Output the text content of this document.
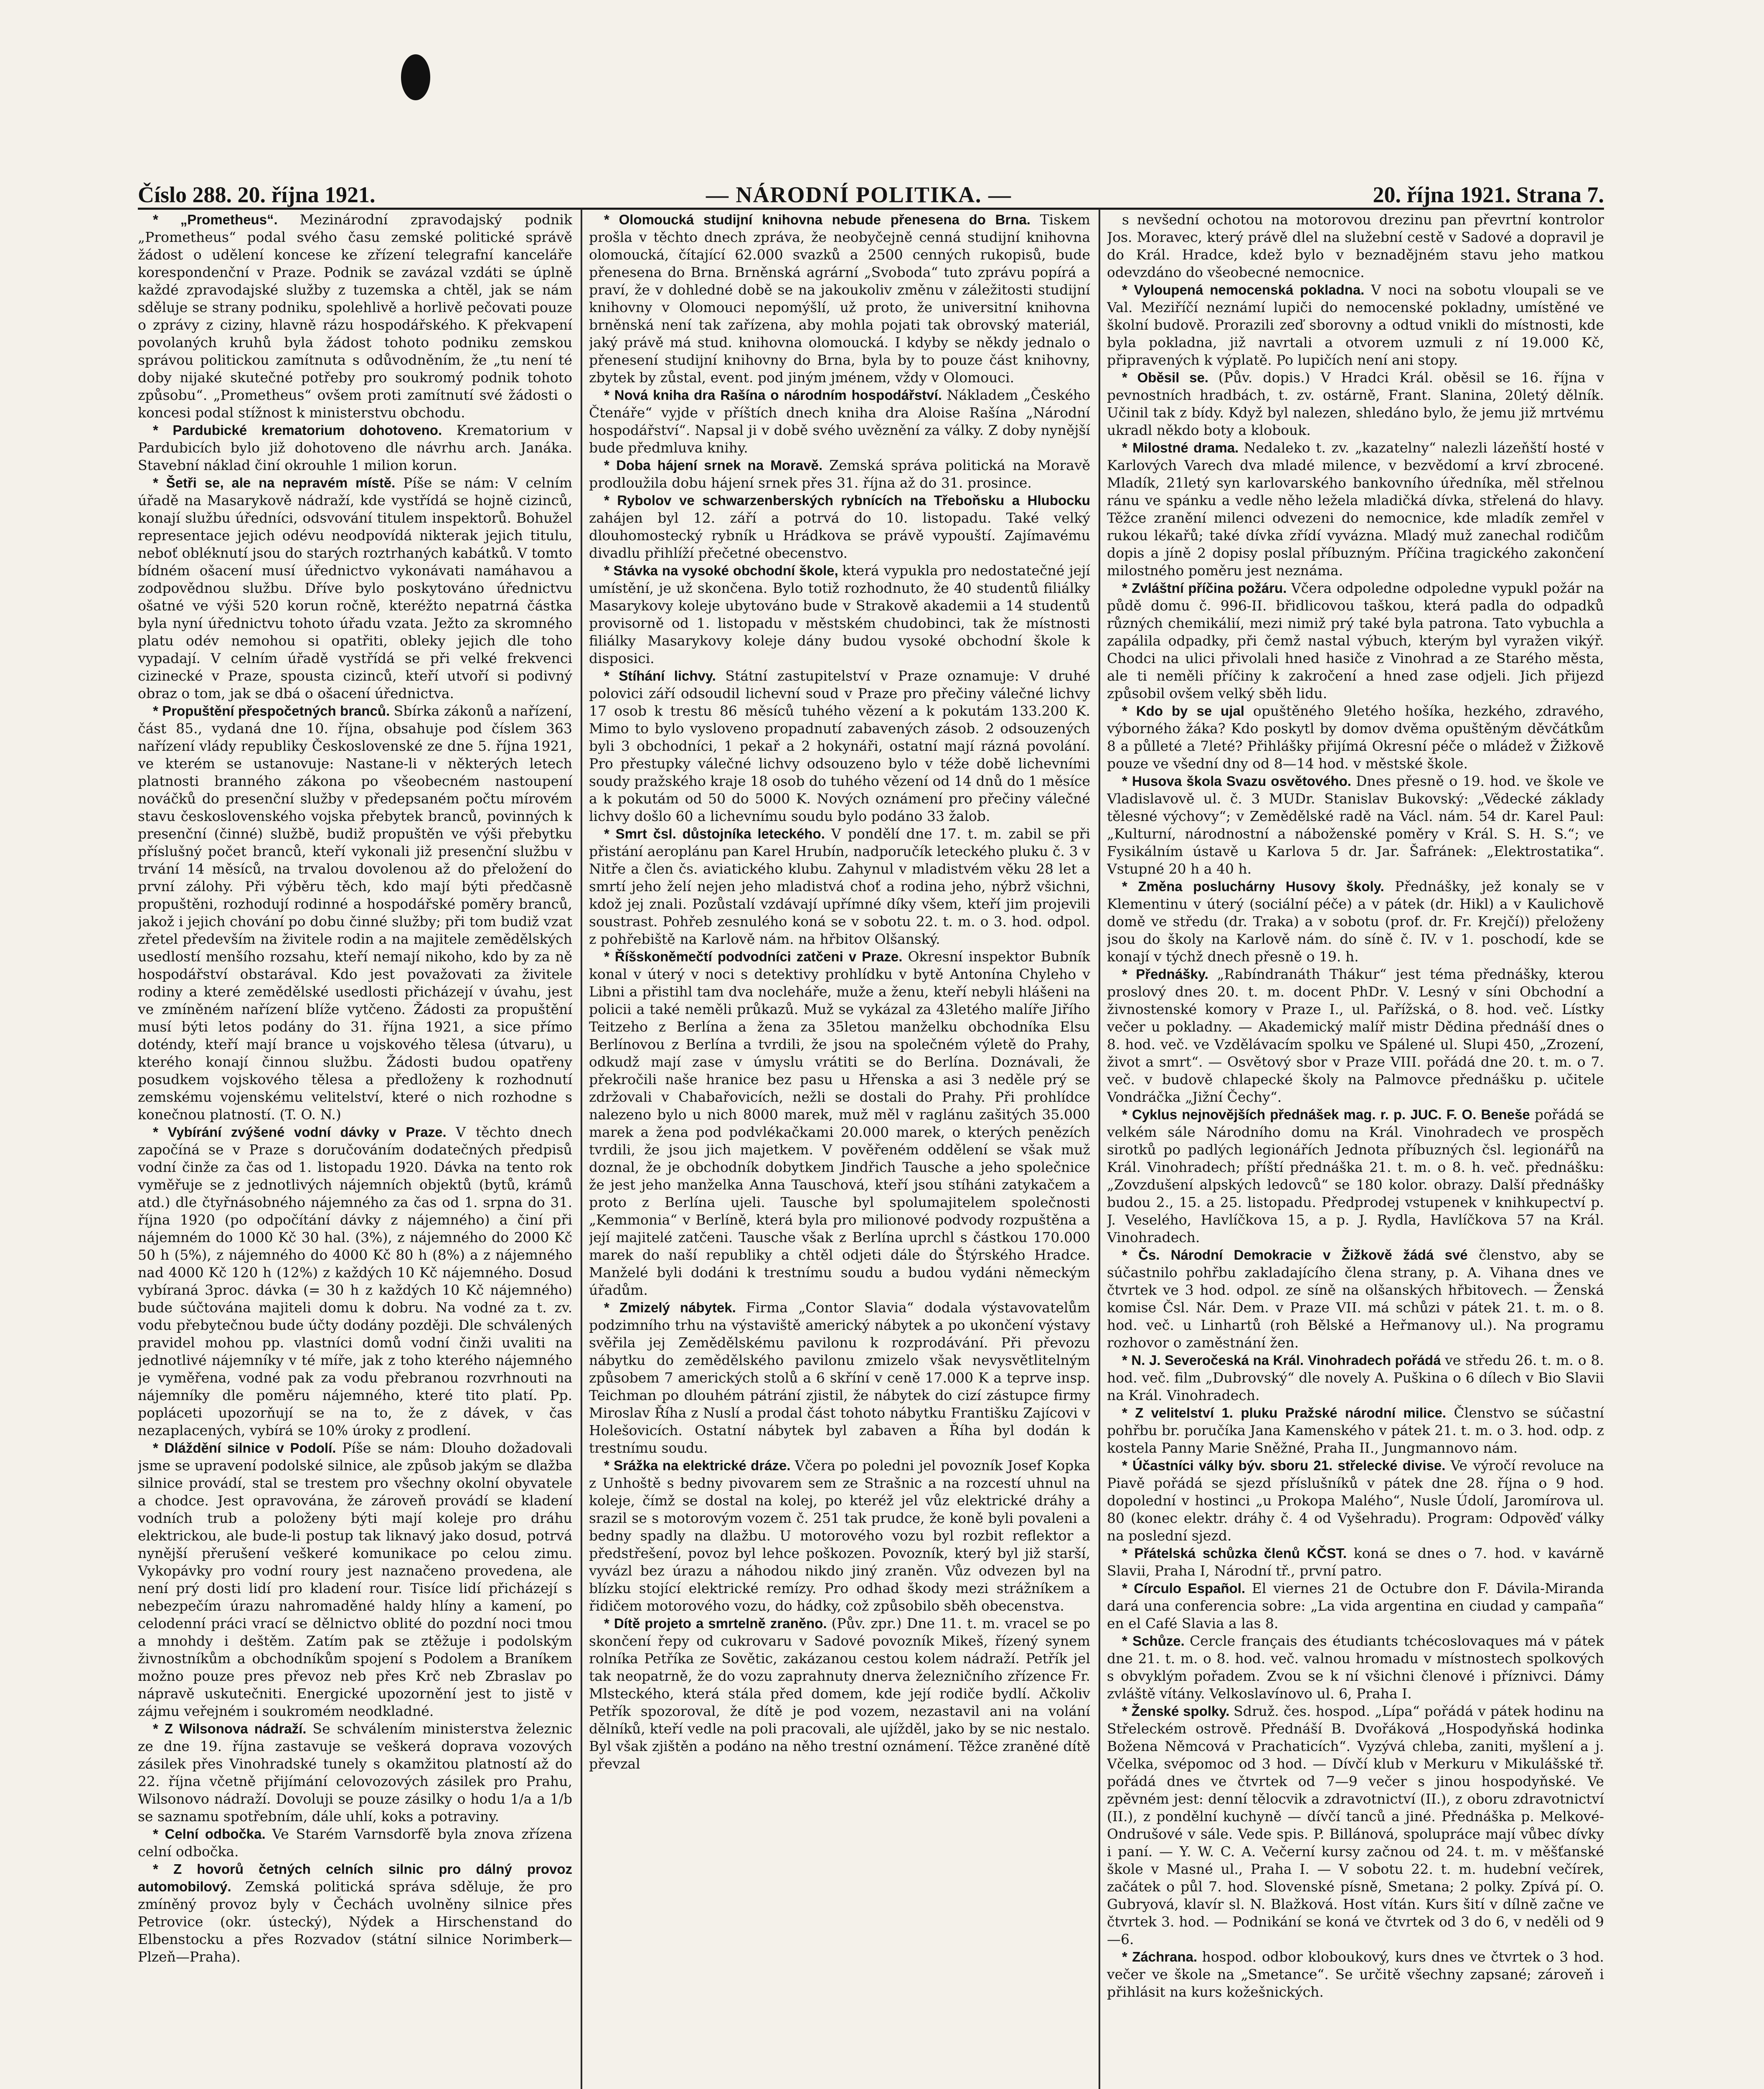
Číslo 288. 20. října 1921.	— NÁRODNÍ POLITIKA. —	20. října 1921. Strana 7.

* „Prometheus“. Mezinárodní zpravodajský podnik „Prometheus“ podal svého času zemské politické správě žádost o udělení koncese ke zřízení telegrafní kanceláře korespondenční v Praze. Podnik se zavázal vzdáti se úplně každé zpravodajské služby z tuzemska a chtěl, jak se nám sděluje se strany podniku, spolehlivě a horlivě pečovati pouze o zprávy z ciziny, hlavně rázu hospodářského. K překvapení povolaných kruhů byla žádost tohoto podniku zemskou správou politickou zamítnuta s odůvodněním, že „tu není té doby nijaké skutečné potřeby pro soukromý podnik tohoto způsobu“. „Prometheus“ ovšem proti zamítnutí své žádosti o koncesi podal stížnost k ministerstvu obchodu.

* Pardubické krematorium dohotoveno. Krematorium v Pardubicích bylo již dohotoveno dle návrhu arch. Janáka. Stavební náklad činí okrouhle 1 milion korun.

* Šetři se, ale na nepravém místě. Píše se nám: V celním úřadě na Masarykově nádraží, kde vystřídá se hojně cizinců, konají službu úředníci, odsvování titulem inspektorů. Bohužel representace jejich odévu neodpovídá nikterak jejich titulu, neboť obléknutí jsou do starých roztrhaných kabátků. V tomto bídném ošacení musí úřednictvo vykonávati namáhavou a zodpovědnou službu. Dříve bylo poskytováno úřednictvu ošatné ve výši 520 korun ročně, kteréžto nepatrná částka byla nyní úřednictvu tohoto úřadu vzata. Ježto za skromného platu odév nemohou si opatřiti, obleky jejich dle toho vypadají. V celním úřadě vystřídá se při velké frekvenci cizinecké v Praze, spousta cizinců, kteří utvoří si podivný obraz o tom, jak se dbá o ošacení úřednictva.

* Propuštění přespočetných branců. Sbírka zákonů a nařízení, část 85., vydaná dne 10. října, obsahuje pod číslem 363 nařízení vlády republiky Československé ze dne 5. října 1921, ve kterém se ustanovuje: Nastane-li v některých letech platnosti branného zákona po všeobecném nastoupení nováčků do presenční služby v předepsaném počtu mírovém stavu československého vojska přebytek branců, povinných k presenční (činné) službě, budiž propuštěn ve výši přebytku příslušný počet branců, kteří vykonali již presenční službu v trvání 14 měsíců, na trvalou dovolenou až do přeložení do první zálohy. Při výběru těch, kdo mají býti předčasně propuštěni, rozhodují rodinné a hospodářské poměry branců, jakož i jejich chování po dobu činné služby; při tom budiž vzat zřetel především na živitele rodin a na majitele zemědělských usedlostí menšího rozsahu, kteří nemají nikoho, kdo by za ně hospodářství obstarával. Kdo jest považovati za živitele rodiny a které zemědělské usedlosti přicházejí v úvahu, jest ve zmíněném nařízení blíže vytčeno. Žádosti za propuštění musí býti letos podány do 31. října 1921, a sice přímo doténdy, kteří mají brance u vojskového tělesa (útvaru), u kterého konají činnou službu. Žádosti budou opatřeny posudkem vojskového tělesa a předloženy k rozhodnutí zemskému vojenskému velitelství, které o nich rozhodne s konečnou platností. (T. O. N.)

* Vybírání zvýšené vodní dávky v Praze. V těchto dnech započíná se v Praze s doručováním dodatečných předpisů vodní činže za čas od 1. listopadu 1920. Dávka na tento rok vyměřuje se z jednotlivých nájemních objektů (bytů, krámů atd.) dle čtyřnásobného nájemného za čas od 1. srpna do 31. října 1920 (po odpočítání dávky z nájemného) a činí při nájemném do 1000 Kč 30 hal. (3%), z nájemného do 2000 Kč 50 h (5%), z nájemného do 4000 Kč 80 h (8%) a z nájemného nad 4000 Kč 120 h (12%) z každých 10 Kč nájemného. Dosud vybíraná 3proc. dávka (= 30 h z každých 10 Kč nájemného) bude súčtována majiteli domu k dobru. Na vodné za t. zv. vodu přebytečnou bude účty dodány později. Dle schválených pravidel mohou pp. vlastníci domů vodní činži uvaliti na jednotlivé nájemníky v té míře, jak z toho kterého nájemného je vyměřena, vodné pak za vodu přebranou rozvrhnouti na nájemníky dle poměru nájemného, které tito platí. Pp. popláceti upozorňují se na to, že z dávek, v čas nezaplacených, vybírá se 10% úroky z prodlení.

* Dláždění silnice v Podolí. Píše se nám: Dlouho dožadovali jsme se upravení podolské silnice, ale způsob jakým se dlažba silnice provádí, stal se trestem pro všechny okolní obyvatele a chodce. Jest opravována, že zároveň provádí se kladení vodních trub a položeny býti mají koleje pro dráhu elektrickou, ale bude-li postup tak liknavý jako dosud, potrvá nynější přerušení veškeré komunikace po celou zimu. Vykopávky pro vodní roury jest naznačeno provedena, ale není prý dosti lidí pro kladení rour. Tisíce lidí přicházejí s nebezpečím úrazu nahromaděné haldy hlíny a kamení, po celodenní práci vrací se dělnictvo oblité do pozdní noci tmou a mnohdy i deštěm. Zatím pak se ztěžuje i podolským živnostníkům a obchodníkům spojení s Podolem a Braníkem možno pouze pres převoz neb přes Krč neb Zbraslav po nápravě uskutečniti. Energické upozornění jest to jistě v zájmu veřejném i soukromém neodkladné.

* Z Wilsonova nádraží. Se schválením ministerstva železnic ze dne 19. října zastavuje se veškerá doprava vozových zásilek přes Vinohradské tunely s okamžitou platností až do 22. října včetně přijímání celovozových zásilek pro Prahu, Wilsonovo nádraží. Dovoluji se pouze zásilky o hodu 1/a a 1/b se saznamu spotřebním, dále uhlí, koks a potraviny.

* Celní odbočka. Ve Starém Varnsdorfě byla znova zřízena celní odbočka.

* Z hovorů četných celních silnic pro dálný provoz automobilový. Zemská politická správa sděluje, že pro zmíněný provoz byly v Čechách uvolněny silnice přes Petrovice (okr. ústecký), Nýdek a Hirschenstand do Elbenstocku a přes Rozvadov (státní silnice Norimberk—Plzeň—Praha).

* Olomoucká studijní knihovna nebude přenesena do Brna. Tiskem prošla v těchto dnech zpráva, že neobyčejně cenná studijní knihovna olomoucká, čítající 62.000 svazků a 2500 cenných rukopisů, bude přenesena do Brna. Brněnská agrární „Svoboda“ tuto zprávu popírá a praví, že v dohledné době se na jakoukoliv změnu v záležitosti studijní knihovny v Olomouci nepomýšlí, už proto, že universitní knihovna brněnská není tak zařízena, aby mohla pojati tak obrovský materiál, jaký právě má stud. knihovna olomoucká. I kdyby se někdy jednalo o přenesení studijní knihovny do Brna, byla by to pouze část knihovny, zbytek by zůstal, event. pod jiným jménem, vždy v Olomouci.

* Nová kniha dra Rašína o národním hospodářství. Nákladem „Českého Čtenáře“ vyjde v příštích dnech kniha dra Aloise Rašína „Národní hospodářství“. Napsal ji v době svého uvěznění za války. Z doby nynější bude předmluva knihy.

* Doba hájení srnek na Moravě. Zemská správa politická na Moravě prodloužila dobu hájení srnek přes 31. října až do 31. prosince.

* Rybolov ve schwarzenberských rybnících na Třeboňsku a Hlubocku zahájen byl 12. září a potrvá do 10. listopadu. Také velký dlouhomostecký rybník u Hrádkova se právě vypouští. Zajímavému divadlu přihlíží přečetné obecenstvo.

* Stávka na vysoké obchodní škole, která vypukla pro nedostatečné její umístění, je už skončena. Bylo totiž rozhodnuto, že 40 studentů filiálky Masarykovy koleje ubytováno bude v Strakově akademii a 14 studentů provisorně od 1. listopadu v městském chudobinci, tak že místnosti filiálky Masarykovy koleje dány budou vysoké obchodní škole k disposici.

* Stíhání lichvy. Státní zastupitelství v Praze oznamuje: V druhé polovici září odsoudil lichevní soud v Praze pro přečiny válečné lichvy 17 osob k trestu 86 měsíců tuhého vězení a k pokutám 133.200 K. Mimo to bylo vysloveno propadnutí zabavených zásob. 2 odsouzených byli 3 obchodníci, 1 pekař a 2 hokynáři, ostatní mají rázná povolání. Pro přestupky válečné lichvy odsouzeno bylo v téže době lichevními soudy pražského kraje 18 osob do tuhého vězení od 14 dnů do 1 měsíce a k pokutám od 50 do 5000 K. Nových oznámení pro přečiny válečné lichvy došlo 60 a lichevnímu soudu bylo podáno 33 žalob.

* Smrt čsl. důstojníka leteckého. V pondělí dne 17. t. m. zabil se při přistání aeroplánu pan Karel Hrubín, nadporučík leteckého pluku č. 3 v Nitře a člen čs. aviatického klubu. Zahynul v mladistvém věku 28 let a smrtí jeho želí nejen jeho mladistvá choť a rodina jeho, nýbrž všichni, kdož jej znali. Pozůstalí vzdávají upřímné díky všem, kteří jim projevili soustrast. Pohřeb zesnulého koná se v sobotu 22. t. m. o 3. hod. odpol. z pohřebiště na Karlově nám. na hřbitov Olšanský.

* Říšskoněmečtí podvodníci zatčeni v Praze. Okresní inspektor Bubník konal v úterý v noci s detektivy prohlídku v bytě Antonína Chyleho v Libni a přistihl tam dva nocleháře, muže a ženu, kteří nebyli hlášeni na policii a také neměli průkazů. Muž se vykázal za 43letého malíře Jiřího Teitzeho z Berlína a žena za 35letou manželku obchodníka Elsu Berlínovou z Berlína a tvrdili, že jsou na společném výletě do Prahy, odkudž mají zase v úmyslu vrátiti se do Berlína. Doznávali, že překročili naše hranice bez pasu u Hřenska a asi 3 neděle prý se zdržovali v Chabařovicích, nežli se dostali do Prahy. Při prohlídce nalezeno bylo u nich 8000 marek, muž měl v raglánu zašitých 35.000 marek a žena pod podvlékačkami 20.000 marek, o kterých penězích tvrdili, že jsou jich majetkem. V pověřeném oddělení se však muž doznal, že je obchodník dobytkem Jindřich Tausche a jeho společnice že jest jeho manželka Anna Tauschová, kteří jsou stíháni zatykačem a proto z Berlína ujeli. Tausche byl spolumajitelem společnosti „Kemmonia“ v Berlíně, která byla pro milionové podvody rozpuštěna a její majitelé zatčeni. Tausche však z Berlína uprchl s částkou 170.000 marek do naší republiky a chtěl odjeti dále do Štýrského Hradce. Manželé byli dodáni k trestnímu soudu a budou vydáni německým úřadům.

* Zmizelý nábytek. Firma „Contor Slavia“ dodala výstavovatelům podzimního trhu na výstaviště americký nábytek a po ukončení výstavy svěřila jej Zemědělskému pavilonu k rozprodávání. Při převozu nábytku do zemědělského pavilonu zmizelo však nevysvětlitelným způsobem 7 amerických stolů a 6 skříní v ceně 17.000 K a teprve insp. Teichman po dlouhém pátrání zjistil, že nábytek do cizí zástupce firmy Miroslav Říha z Nuslí a prodal část tohoto nábytku Františku Zajícovi v Holešovicích. Ostatní nábytek byl zabaven a Říha byl dodán k trestnímu soudu.

* Srážka na elektrické dráze. Včera po poledni jel povozník Josef Kopka z Unhoště s bedny pivovarem sem ze Strašnic a na rozcestí uhnul na koleje, čímž se dostal na kolej, po kteréž jel vůz elektrické dráhy a srazil se s motorovým vozem č. 251 tak prudce, že koně byli povaleni a bedny spadly na dlažbu. U motorového vozu byl rozbit reflektor a předstřešení, povoz byl lehce poškozen. Povozník, který byl již starší, vyvázl bez úrazu a náhodou nikdo jiný zraněn. Vůz odvezen byl na blízku stojící elektrické remízy. Pro odhad škody mezi strážníkem a řidičem motorového vozu, do hádky, což způsobilo sběh obecenstva.

* Dítě projeto a smrtelně zraněno. (Pův. zpr.) Dne 11. t. m. vracel se po skončení řepy od cukrovaru v Sadové povozník Mikeš, řízený synem rolníka Petříka ze Sovětic, zakázanou cestou kolem nádraží. Petřík jel tak neopatrně, že do vozu zaprahnuty dnerva železničního zřízence Fr. Mlsteckého, která stála před domem, kde její rodiče bydlí. Ačkoliv Petřík spozoroval, že dítě je pod vozem, nezastavil ani na volání dělníků, kteří vedle na poli pracovali, ale ujížděl, jako by se nic nestalo. Byl však zjištěn a podáno na něho trestní oznámení. Těžce zraněné dítě převzal

s nevšední ochotou na motorovou drezinu pan převrtní kontrolor Jos. Moravec, který právě dlel na služební cestě v Sadové a dopravil je do Král. Hradce, kdež bylo v beznadějném stavu jeho matkou odevzdáno do všeobecné nemocnice.

* Vyloupená nemocenská pokladna. V noci na sobotu vloupali se ve Val. Meziříčí neznámí lupiči do nemocenské pokladny, umístěné ve školní budově. Prorazili zeď sborovny a odtud vnikli do místnosti, kde byla pokladna, již navrtali a otvorem uzmuli z ní 19.000 Kč, připravených k výplatě. Po lupičích není ani stopy.

* Oběsil se. (Pův. dopis.) V Hradci Král. oběsil se 16. října v pevnostních hradbách, t. zv. ostárně, Frant. Slanina, 20letý dělník. Učinil tak z bídy. Když byl nalezen, shledáno bylo, že jemu již mrtvému ukradl někdo boty a klobouk.

* Milostné drama. Nedaleko t. zv. „kazatelny“ nalezli lázeňští hosté v Karlových Varech dva mladé milence, v bezvědomí a krví zbrocené. Mladík, 21letý syn karlovarského bankovního úředníka, měl střelnou ránu ve spánku a vedle něho ležela mladičká dívka, střelená do hlavy. Těžce zranění milenci odvezeni do nemocnice, kde mladík zemřel v rukou lékařů; také dívka zřídí vyvázna. Mladý muž zanechal rodičům dopis a jíně 2 dopisy poslal příbuzným. Příčina tragického zakončení milostného poměru jest neznáma.

* Zvláštní příčina požáru. Včera odpoledne odpoledne vypukl požár na půdě domu č. 996-II. břidlicovou taškou, která padla do odpadků různých chemikálií, mezi nimiž prý také byla patrona. Tato vybuchla a zapálila odpadky, při čemž nastal výbuch, kterým byl vyražen vikýř. Chodci na ulici přivolali hned hasiče z Vinohrad a ze Starého města, ale ti neměli příčiny k zakročení a hned zase odjeli. Jich přijezd způsobil ovšem velký sběh lidu.

* Kdo by se ujal opuštěného 9letého hošíka, hezkého, zdravého, výborného žáka? Kdo poskytl by domov dvěma opuštěným děvčátkům 8 a půlleté a 7leté? Přihlášky přijímá Okresní péče o mládež v Žižkově pouze ve všední dny od 8—14 hod. v městské škole.

* Husova škola Svazu osvětového. Dnes přesně o 19. hod. ve škole ve Vladislavově ul. č. 3 MUDr. Stanislav Bukovský: „Vědecké základy tělesné výchovy“; v Zemědělské radě na Václ. nám. 54 dr. Karel Paul: „Kulturní, národnostní a náboženské poměry v Král. S. H. S.“; ve Fysikálním ústavě u Karlova 5 dr. Jar. Šafránek: „Elektrostatika“. Vstupné 20 h a 40 h.

* Změna posluchárny Husovy školy. Přednášky, jež konaly se v Klementinu v úterý (sociální péče) a v pátek (dr. Hikl) a v Kaulichově domě ve středu (dr. Traka) a v sobotu (prof. dr. Fr. Krejčí)) přeloženy jsou do školy na Karlově nám. do síně č. IV. v 1. poschodí, kde se konají v týchž dnech přesně o 19. h.

* Přednášky. „Rabíndranáth Thákur“ jest téma přednášky, kterou proslový dnes 20. t. m. docent PhDr. V. Lesný v síni Obchodní a živnostenské komory v Praze I., ul. Pařížská, o 8. hod. več. Lístky večer u pokladny. — Akademický malíř mistr Dědina přednáší dnes o 8. hod. več. ve Vzdělávacím spolku ve Spálené ul. Slupi 450, „Zrození, život a smrt“. — Osvětový sbor v Praze VIII. pořádá dne 20. t. m. o 7. več. v budově chlapecké školy na Palmovce přednášku p. učitele Vondráčka „Jižní Čechy“.

* Cyklus nejnovějších přednášek mag. r. p. JUC. F. O. Beneše pořádá se velkém sále Národního domu na Král. Vinohradech ve prospěch sirotků po padlých legionářích Jednota příbuzných čsl. legionářů na Král. Vinohradech; příští přednáška 21. t. m. o 8. h. več. přednášku: „Zovzdušení alpských ledovců“ se 180 kolor. obrazy. Další přednášky budou 2., 15. a 25. listopadu. Předprodej vstupenek v knihkupectví p. J. Veselého, Havlíčkova 15, a p. J. Rydla, Havlíčkova 57 na Král. Vinohradech.

* Čs. Národní Demokracie v Žižkově žádá své členstvo, aby se súčastnilo pohřbu zakladajícího člena strany, p. A. Vihana dnes ve čtvrtek ve 3 hod. odpol. ze síně na olšanských hřbitovech. — Ženská komise Čsl. Nár. Dem. v Praze VII. má schůzi v pátek 21. t. m. o 8. hod. več. u Linhartů (roh Bělské a Heřmanovy ul.). Na programu rozhovor o zaměstnání žen.

* N. J. Severočeská na Král. Vinohradech pořádá ve středu 26. t. m. o 8. hod. več. film „Dubrovský“ dle novely A. Puškina o 6 dílech v Bio Slavii na Král. Vinohradech.

* Z velitelství 1. pluku Pražské národní milice. Členstvo se súčastní pohřbu br. poručíka Jana Kamenského v pátek 21. t. m. o 3. hod. odp. z kostela Panny Marie Sněžné, Praha II., Jungmannovo nám.

* Účastníci války býv. sboru 21. střelecké divise. Ve výročí revoluce na Piavě pořádá se sjezd příslušníků v pátek dne 28. října o 9 hod. dopolední v hostinci „u Prokopa Malého“, Nusle Údolí, Jaromírova ul. 80 (konec elektr. dráhy č. 4 od Vyšehradu). Program: Odpověď války na poslední sjezd.

* Přátelská schůzka členů KČST. koná se dnes o 7. hod. v kavárně Slavii, Praha I, Národní tř., první patro.

* Círculo Español. El viernes 21 de Octubre don F. Dávila-Miranda dará una conferencia sobre: „La vida argentina en ciudad y campaña“ en el Café Slavia a las 8.

* Schůze. Cercle français des étudiants tchécoslovaques má v pátek dne 21. t. m. o 8. hod. več. valnou hromadu v místnostech spolkových s obvyklým pořadem. Zvou se k ní všichni členové i příznivci. Dámy zvláště vítány. Velkoslavínovo ul. 6, Praha I.

* Ženské spolky. Sdruž. čes. hospod. „Lípa“ pořádá v pátek hodinu na Střeleckém ostrově. Přednáší B. Dvořáková „Hospodyňská hodinka Božena Němcová v Prachaticích“. Vyzývá chleba, zaniti, myšlení a j. Včelka, svépomoc od 3 hod. — Dívčí klub v Merkuru v Mikulášské tř. pořádá dnes ve čtvrtek od 7—9 večer s jinou hospodyňské. Ve zpěvném jest: denní tělocvik a zdravotnictví (II.), z oboru zdravotnictví (II.), z pondělní kuchyně — dívčí tanců a jiné. Přednáška p. Melkové-Ondrušové v sále. Vede spis. P. Billánová, spolupráce mají vůbec dívky i paní. — Y. W. C. A. Večerní kursy začnou od 24. t. m. v měšťanské škole v Masné ul., Praha I. — V sobotu 22. t. m. hudební večírek, začátek o půl 7. hod. Slovenské písně, Smetana; 2 polky. Zpívá pí. O. Gubryová, klavír sl. N. Blažková. Host vítán. Kurs šití v dílně začne ve čtvrtek 3. hod. — Podnikání se koná ve čtvrtek od 3 do 6, v neděli od 9—6.

* Záchrana. hospod. odbor kloboukový, kurs dnes ve čtvrtek o 3 hod. večer ve škole na „Smetance“. Se určitě všechny zapsané; zároveň i přihlásit na kurs kožešnických.
